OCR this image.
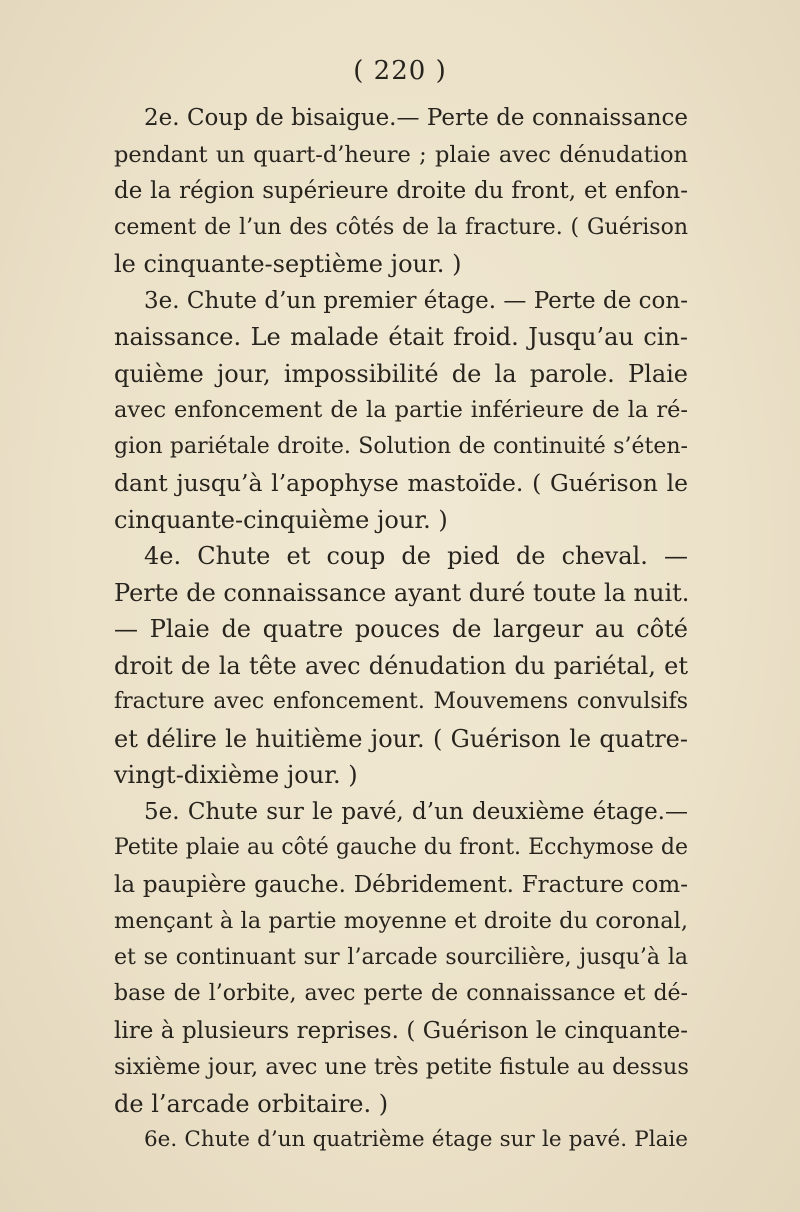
( 220 )
2e. Coup de bisaigue.— Perte de connaissance
pendant un quart-d’heure ; plaie avec dénudation
de la région supérieure droite du front, et enfon-
cement de l’un des côtés de la fracture. ( Guérison
le cinquante-septième jour. )
3e. Chute d’un premier étage. — Perte de con-
naissance. Le malade était froid. Jusqu’au cin-
quième jour, impossibilité de la parole. Plaie
avec enfoncement de la partie inférieure de la ré-
gion pariétale droite. Solution de continuité s’éten-
dant jusqu’à l’apophyse mastoïde. ( Guérison le
cinquante-cinquième jour. )
4e. Chute et coup de pied de cheval. —
Perte de connaissance ayant duré toute la nuit.
— Plaie de quatre pouces de largeur au côté
droit de la tête avec dénudation du pariétal, et
fracture avec enfoncement. Mouvemens convulsifs
et délire le huitième jour. ( Guérison le quatre-
vingt-dixième jour. )
5e. Chute sur le pavé, d’un deuxième étage.—
Petite plaie au côté gauche du front. Ecchymose de
la paupière gauche. Débridement. Fracture com-
mençant à la partie moyenne et droite du coronal,
et se continuant sur l’arcade sourcilière, jusqu’à la
base de l’orbite, avec perte de connaissance et dé-
lire à plusieurs reprises. ( Guérison le cinquante-
sixième jour, avec une très petite fistule au dessus
de l’arcade orbitaire. )
6e. Chute d’un quatrième étage sur le pavé. Plaie
